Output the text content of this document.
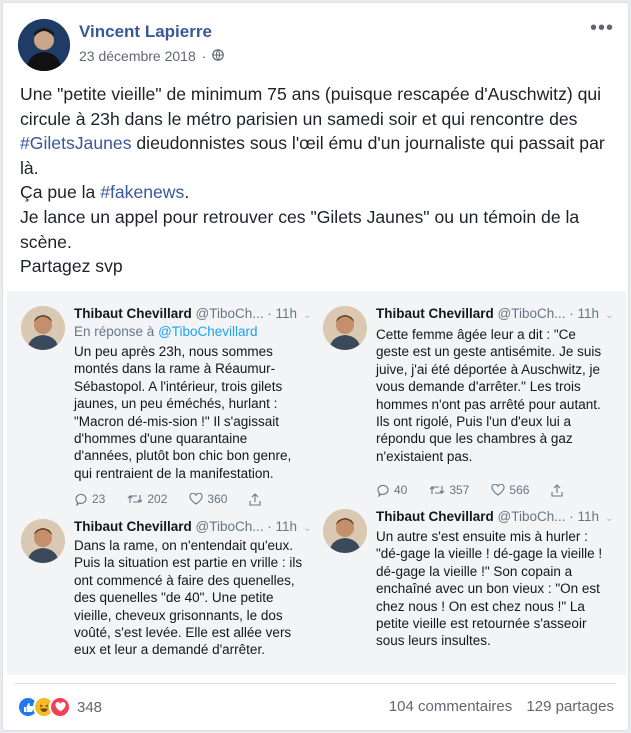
Vincent Lapierre
23 décembre 2018 ·
•••

Une "petite vieille" de minimum 75 ans (puisque rescapée d'Auschwitz) qui

circule à 23h dans le métro parisien un samedi soir et qui rencontre des

#GiletsJaunes dieudonnistes sous l'œil ému d'un journaliste qui passait par

là.

Ça pue la #fakenews.

Je lance un appel pour retrouver ces "Gilets Jaunes" ou un témoin de la

scène.

Partagez svp

Thibaut Chevillard @TiboCh... · 11h ⌄
En réponse à @TiboChevillard
Un peu après 23h, nous sommes
montés dans la rame à Réaumur-
Sébastopol. A l'intérieur, trois gilets
jaunes, un peu éméchés, hurlant :
"Macron dé-mis-sion !" Il s'agissait
d'hommes d'une quarantaine
d'années, plutôt bon chic bon genre,
qui rentraient de la manifestation.
23	202	360
Thibaut Chevillard @TiboCh... · 11h ⌄
Cette femme âgée leur a dit : "Ce
geste est un geste antisémite. Je suis
juive, j'ai été déportée à Auschwitz, je
vous demande d'arrêter." Les trois
hommes n'ont pas arrêté pour autant.
Ils ont rigolé, Puis l'un d'eux lui a
répondu que les chambres à gaz
n'existaient pas.
40	357	566
Thibaut Chevillard @TiboCh... · 11h ⌄
Dans la rame, on n'entendait qu'eux.
Puis la situation est partie en vrille : ils
ont commencé à faire des quenelles,
des quenelles "de 40". Une petite
vieille, cheveux grisonnants, le dos
voûté, s'est levée. Elle est allée vers
eux et leur a demandé d'arrêter.
Thibaut Chevillard @TiboCh... · 11h ⌄
Un autre s'est ensuite mis à hurler :
"dé-gage la vieille ! dé-gage la vieille !
dé-gage la vieille !" Son copain a
enchaîné avec un bon vieux : "On est
chez nous ! On est chez nous !" La
petite vieille est retournée s'asseoir
sous leurs insultes.
348	104 commentaires 129 partages
